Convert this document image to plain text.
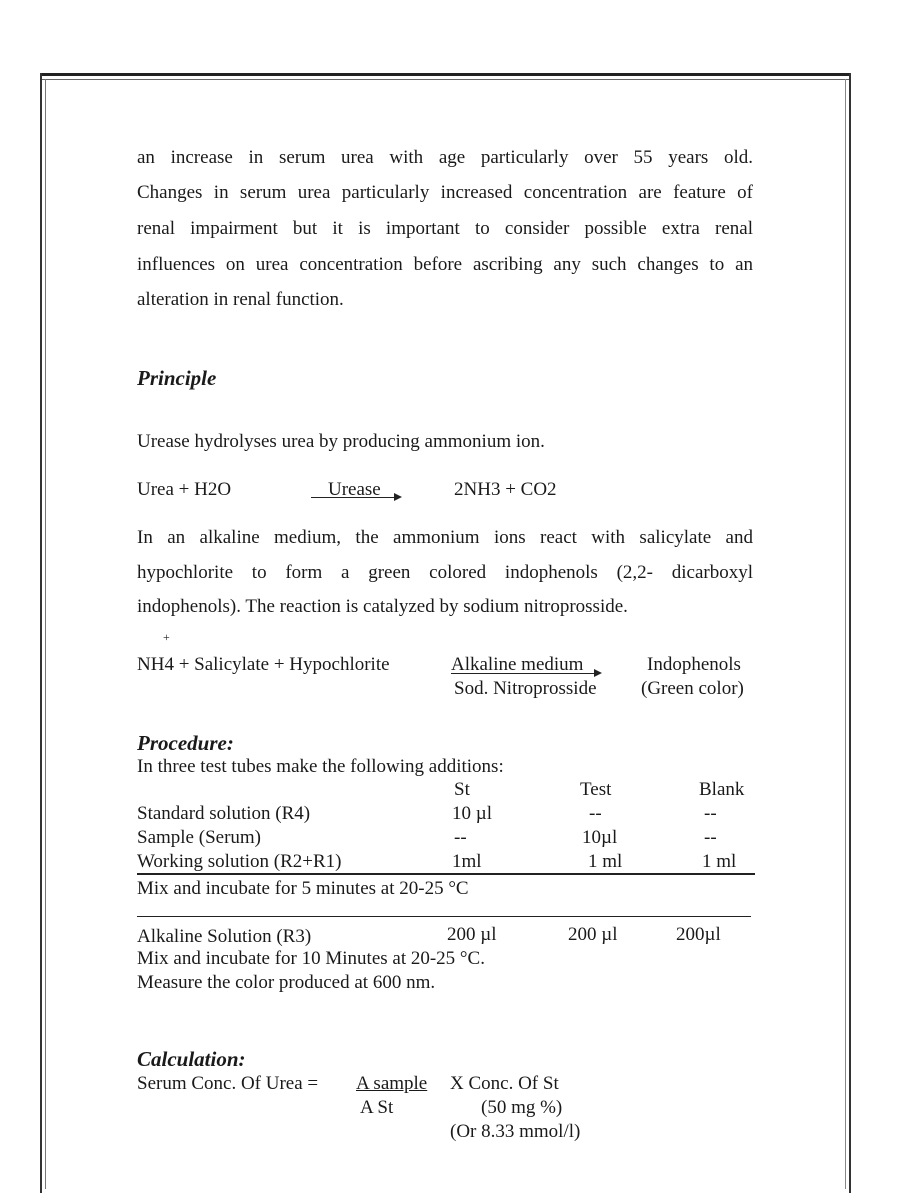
an increase in serum urea with age particularly over 55 years old.
Changes in serum urea particularly increased concentration are feature of
renal impairment but it is important to consider possible extra renal
influences on urea concentration before ascribing any such changes to an
alteration in renal function.
Principle
Urease hydrolyses urea by producing ammonium ion.
Urea + H2O	Urease	2NH3 + CO2
In an alkaline medium, the ammonium ions react with salicylate and
hypochlorite to form a green colored indophenols (2,2- dicarboxyl
indophenols). The reaction is catalyzed by sodium nitroprosside.
+
NH4 + Salicylate + Hypochlorite	Alkaline medium
Sod. Nitroprosside
Indophenols
(Green color)
Procedure:
In three test tubes make the following additions:
St	Test	Blank
Standard solution (R4)	10 µl	--	--
Sample (Serum)	--	10µl	--
Working solution (R2+R1)	1ml	1 ml	1 ml
Mix and incubate for 5 minutes at 20-25 °C
Alkaline Solution (R3)	200 µl	200 µl	200µl
Mix and incubate for 10 Minutes at 20-25 °C.
Measure the color produced at 600 nm.
Calculation:
Serum Conc. Of Urea = A sample X Conc. Of St
A St	(50 mg %)
(Or 8.33 mmol/l)
